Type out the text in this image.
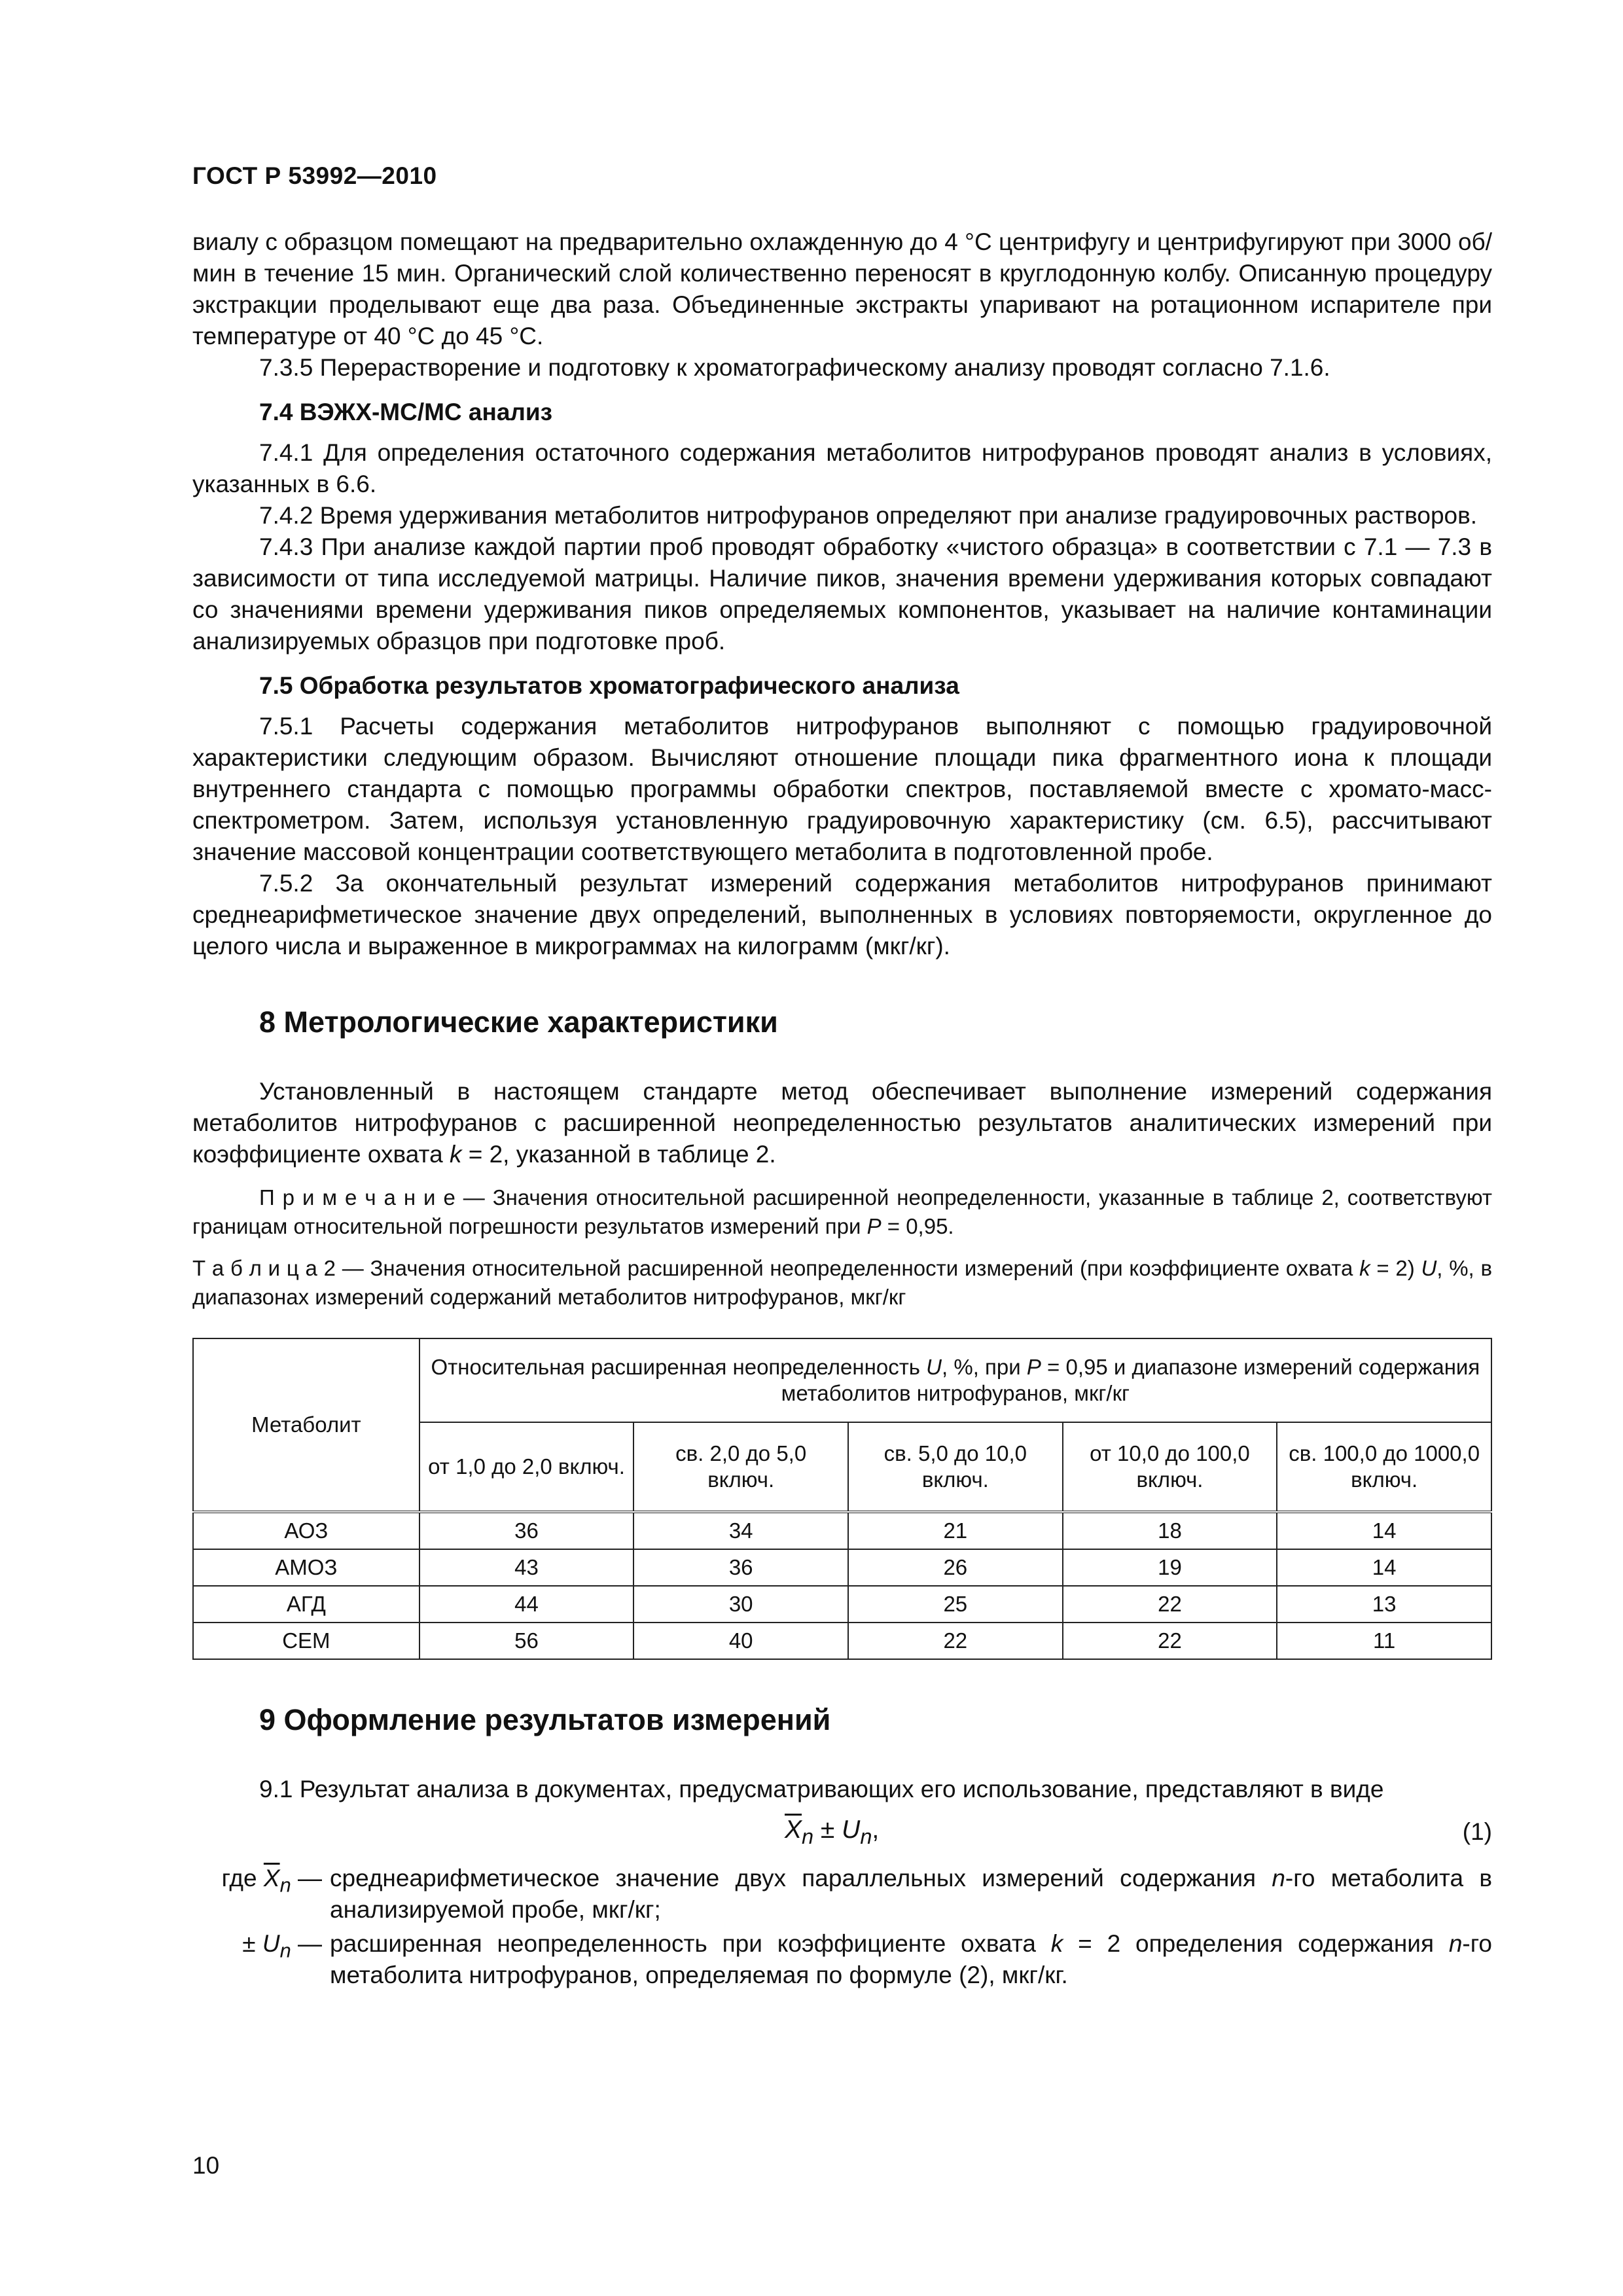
ГОСТ Р 53992—2010

виалу с образцом помещают на предварительно охлажденную до 4 °С центрифугу и центрифугируют при 3000 об/мин в течение 15 мин. Органический слой количественно переносят в круглодонную колбу. Описанную процедуру экстракции проделывают еще два раза. Объединенные экстракты упаривают на ротационном испарителе при температуре от 40 °С до 45 °С.

7.3.5 Перерастворение и подготовку к хроматографическому анализу проводят согласно 7.1.6.

7.4 ВЭЖХ-МС/МС анализ

7.4.1 Для определения остаточного содержания метаболитов нитрофуранов проводят анализ в условиях, указанных в 6.6.

7.4.2 Время удерживания метаболитов нитрофуранов определяют при анализе градуировочных растворов.

7.4.3 При анализе каждой партии проб проводят обработку «чистого образца» в соответствии с 7.1 — 7.3 в зависимости от типа исследуемой матрицы. Наличие пиков, значения времени удерживания которых совпадают со значениями времени удерживания пиков определяемых компонентов, указывает на наличие контаминации анализируемых образцов при подготовке проб.

7.5 Обработка результатов хроматографического анализа

7.5.1 Расчеты содержания метаболитов нитрофуранов выполняют с помощью градуировочной характеристики следующим образом. Вычисляют отношение площади пика фрагментного иона к площади внутреннего стандарта с помощью программы обработки спектров, поставляемой вместе с хромато-масс-спектрометром. Затем, используя установленную градуировочную характеристику (см. 6.5), рассчитывают значение массовой концентрации соответствующего метаболита в подготовленной пробе.

7.5.2 За окончательный результат измерений содержания метаболитов нитрофуранов принимают среднеарифметическое значение двух определений, выполненных в условиях повторяемости, округленное до целого числа и выраженное в микрограммах на килограмм (мкг/кг).

8 Метрологические характеристики

Установленный в настоящем стандарте метод обеспечивает выполнение измерений содержания метаболитов нитрофуранов с расширенной неопределенностью результатов аналитических измерений при коэффициенте охвата k = 2, указанной в таблице 2.

П р и м е ч а н и е — Значения относительной расширенной неопределенности, указанные в таблице 2, соответствуют границам относительной погрешности результатов измерений при P = 0,95.
Т а б л и ц а 2 — Значения относительной расширенной неопределенности измерений (при коэффициенте охвата k = 2) U, %, в диапазонах измерений содержаний метаболитов нитрофуранов, мкг/кг
Метаболит	Относительная расширенная неопределенность U, %, при P = 0,95 и диапазоне измерений содержания метаболитов нитрофуранов, мкг/кг				
	от 1,0 до 2,0 включ.	св. 2,0 до 5,0 включ.	св. 5,0 до 10,0 включ.	от 10,0 до 100,0 включ.	св. 100,0 до 1000,0 включ.
АОЗ	36	34	21	18	14
АМОЗ	43	36	26	19	14
АГД	44	30	25	22	13
СЕМ	56	40	22	22	11
9 Оформление результатов измерений

9.1 Результат анализа в документах, предусматривающих его использование, представляют в виде

$\overline{X}_n \pm U_n$,	(1)
где $\overline{X}_n$ — среднеарифметическое значение двух параллельных измерений содержания n-го метаболита в анализируемой пробе, мкг/кг;
± $U_n$ — расширенная неопределенность при коэффициенте охвата k = 2 определения содержания n-го метаболита нитрофуранов, определяемая по формуле (2), мкг/кг.
10
